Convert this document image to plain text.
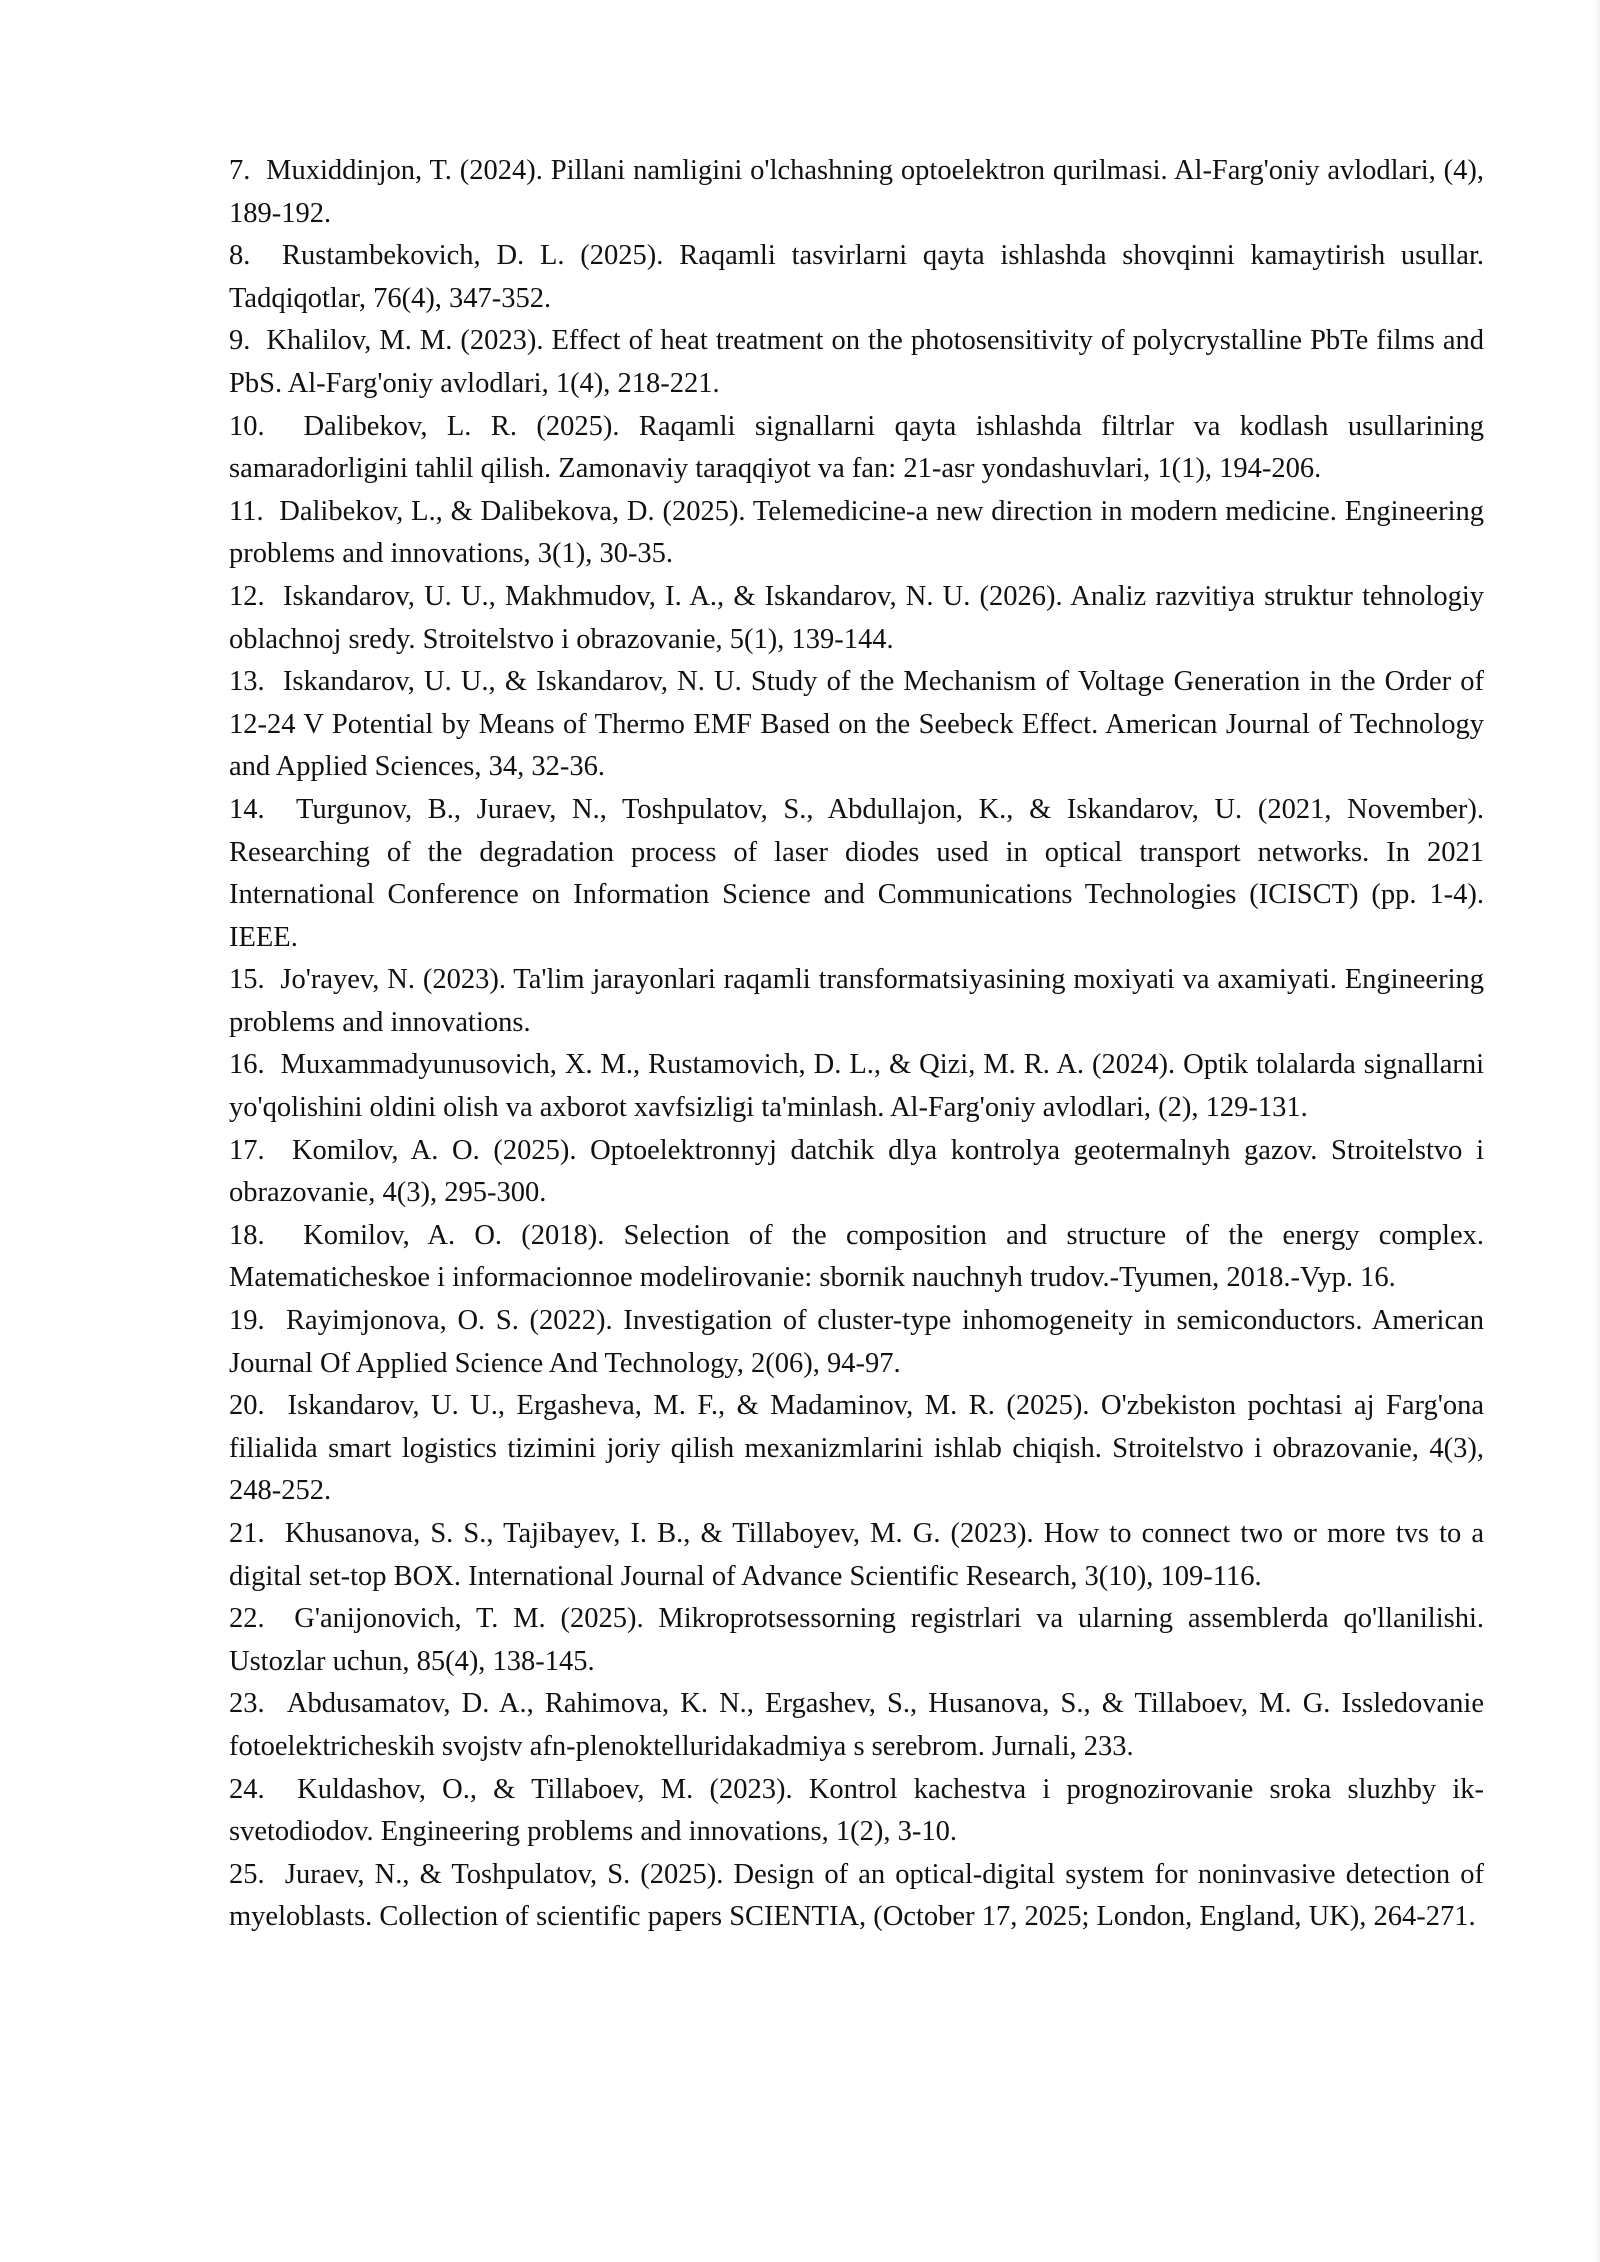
7. Muxiddinjon, T. (2024). Pillani namligini o'lchashning optoelektron qurilmasi. Al-Farg'oniy avlodlari, (4), 189-192.
8. Rustambekovich, D. L. (2025). Raqamli tasvirlarni qayta ishlashda shovqinni kamaytirish usullar. Tadqiqotlar, 76(4), 347-352.
9. Khalilov, M. M. (2023). Effect of heat treatment on the photosensitivity of polycrystalline PbTe films and PbS. Al-Farg'oniy avlodlari, 1(4), 218-221.
10. Dalibekov, L. R. (2025). Raqamli signallarni qayta ishlashda filtrlar va kodlash usullarining samaradorligini tahlil qilish. Zamonaviy taraqqiyot va fan: 21-asr yondashuvlari, 1(1), 194-206.
11. Dalibekov, L., & Dalibekova, D. (2025). Telemedicine-a new direction in modern medicine. Engineering problems and innovations, 3(1), 30-35.
12. Iskandarov, U. U., Makhmudov, I. A., & Iskandarov, N. U. (2026). Analiz razvitiya struktur tehnologiy oblachnoj sredy. Stroitelstvo i obrazovanie, 5(1), 139-144.
13. Iskandarov, U. U., & Iskandarov, N. U. Study of the Mechanism of Voltage Generation in the Order of 12-24 V Potential by Means of Thermo EMF Based on the Seebeck Effect. American Journal of Technology and Applied Sciences, 34, 32-36.
14. Turgunov, B., Juraev, N., Toshpulatov, S., Abdullajon, K., & Iskandarov, U. (2021, November). Researching of the degradation process of laser diodes used in optical transport networks. In 2021 International Conference on Information Science and Communications Technologies (ICISCT) (pp. 1-4). IEEE.
15. Jo'rayev, N. (2023). Ta'lim jarayonlari raqamli transformatsiyasining moxiyati va axamiyati. Engineering problems and innovations.
16. Muxammadyunusovich, X. M., Rustamovich, D. L., & Qizi, M. R. A. (2024). Optik tolalarda signallarni yo'qolishini oldini olish va axborot xavfsizligi ta'minlash. Al-Farg'oniy avlodlari, (2), 129-131.
17. Komilov, A. O. (2025). Optoelektronnyj datchik dlya kontrolya geotermalnyh gazov. Stroitelstvo i obrazovanie, 4(3), 295-300.
18. Komilov, A. O. (2018). Selection of the composition and structure of the energy complex. Matematicheskoe i informacionnoe modelirovanie: sbornik nauchnyh trudov.-Tyumen, 2018.-Vyp. 16.
19. Rayimjonova, O. S. (2022). Investigation of cluster-type inhomogeneity in semiconductors. American Journal Of Applied Science And Technology, 2(06), 94-97.
20. Iskandarov, U. U., Ergasheva, M. F., & Madaminov, M. R. (2025). O'zbekiston pochtasi aj Farg'ona filialida smart logistics tizimini joriy qilish mexanizmlarini ishlab chiqish. Stroitelstvo i obrazovanie, 4(3), 248-252.
21. Khusanova, S. S., Tajibayev, I. B., & Tillaboyev, M. G. (2023). How to connect two or more tvs to a digital set-top BOX. International Journal of Advance Scientific Research, 3(10), 109-116.
22. G'anijonovich, T. M. (2025). Mikroprotsessorning registrlari va ularning assemblerda qo'llanilishi. Ustozlar uchun, 85(4), 138-145.
23. Abdusamatov, D. A., Rahimova, K. N., Ergashev, S., Husanova, S., & Tillaboev, M. G. Issledovanie fotoelektricheskih svojstv afn-plenoktelluridakadmiya s serebrom. Jurnali, 233.
24. Kuldashov, O., & Tillaboev, M. (2023). Kontrol kachestva i prognozirovanie sroka sluzhby ik-svetodiodov. Engineering problems and innovations, 1(2), 3-10.
25. Juraev, N., & Toshpulatov, S. (2025). Design of an optical-digital system for noninvasive detection of myeloblasts. Collection of scientific papers SCIENTIA, (October 17, 2025; London, England, UK), 264-271.
